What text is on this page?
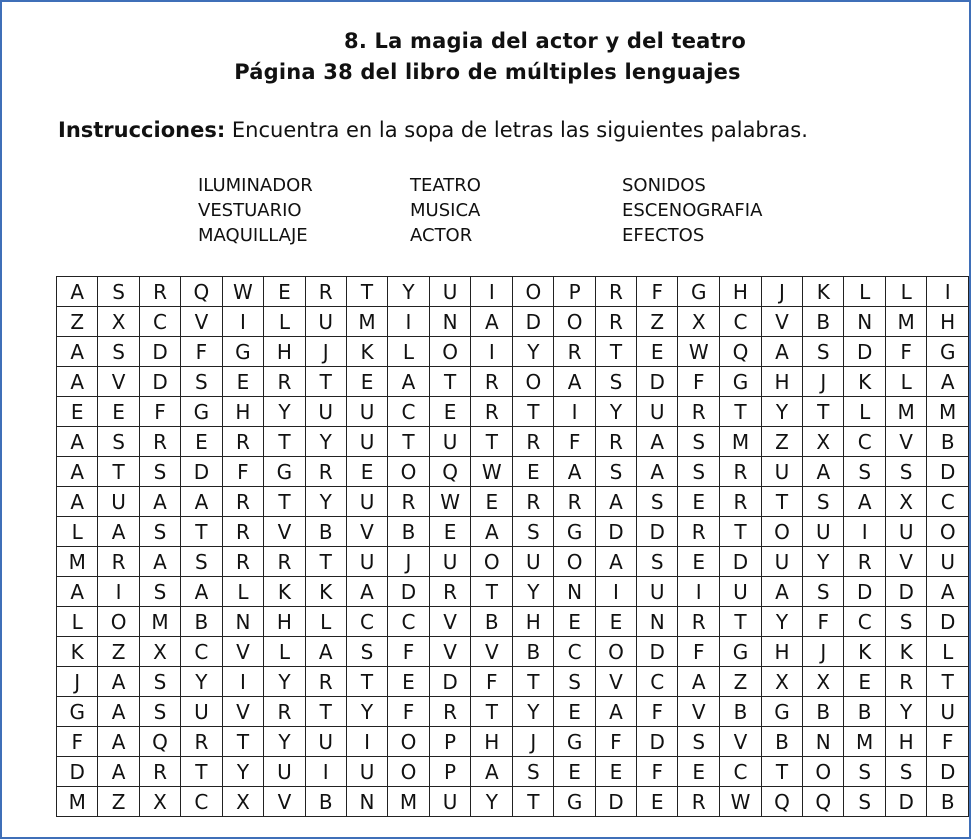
8. La magia del actor y del teatro
Página 38 del libro de múltiples lenguajes
Instrucciones: Encuentra en la sopa de letras las siguientes palabras.
ILUMINADOR	TEATRO	SONIDOS
VESTUARIO	MUSICA	ESCENOGRAFIA
MAQUILLAJE	ACTOR	EFECTOS
A	S	R	Q	W	E	R	T	Y	U	I	O	P	R	F	G	H	J	K	L	L	I
Z	X	C	V	I	L	U	M	I	N	A	D	O	R	Z	X	C	V	B	N	M	H
A	S	D	F	G	H	J	K	L	O	I	Y	R	T	E	W	Q	A	S	D	F	G
A	V	D	S	E	R	T	E	A	T	R	O	A	S	D	F	G	H	J	K	L	A
E	E	F	G	H	Y	U	U	C	E	R	T	I	Y	U	R	T	Y	T	L	M	M
A	S	R	E	R	T	Y	U	T	U	T	R	F	R	A	S	M	Z	X	C	V	B
A	T	S	D	F	G	R	E	O	Q	W	E	A	S	A	S	R	U	A	S	S	D
A	U	A	A	R	T	Y	U	R	W	E	R	R	A	S	E	R	T	S	A	X	C
L	A	S	T	R	V	B	V	B	E	A	S	G	D	D	R	T	O	U	I	U	O
M	R	A	S	R	R	T	U	J	U	O	U	O	A	S	E	D	U	Y	R	V	U
A	I	S	A	L	K	K	A	D	R	T	Y	N	I	U	I	U	A	S	D	D	A
L	O	M	B	N	H	L	C	C	V	B	H	E	E	N	R	T	Y	F	C	S	D
K	Z	X	C	V	L	A	S	F	V	V	B	C	O	D	F	G	H	J	K	K	L
J	A	S	Y	I	Y	R	T	E	D	F	T	S	V	C	A	Z	X	X	E	R	T
G	A	S	U	V	R	T	Y	F	R	T	Y	E	A	F	V	B	G	B	B	Y	U
F	A	Q	R	T	Y	U	I	O	P	H	J	G	F	D	S	V	B	N	M	H	F
D	A	R	T	Y	U	I	U	O	P	A	S	E	E	F	E	C	T	O	S	S	D
M	Z	X	C	X	V	B	N	M	U	Y	T	G	D	E	R	W	Q	Q	S	D	B
